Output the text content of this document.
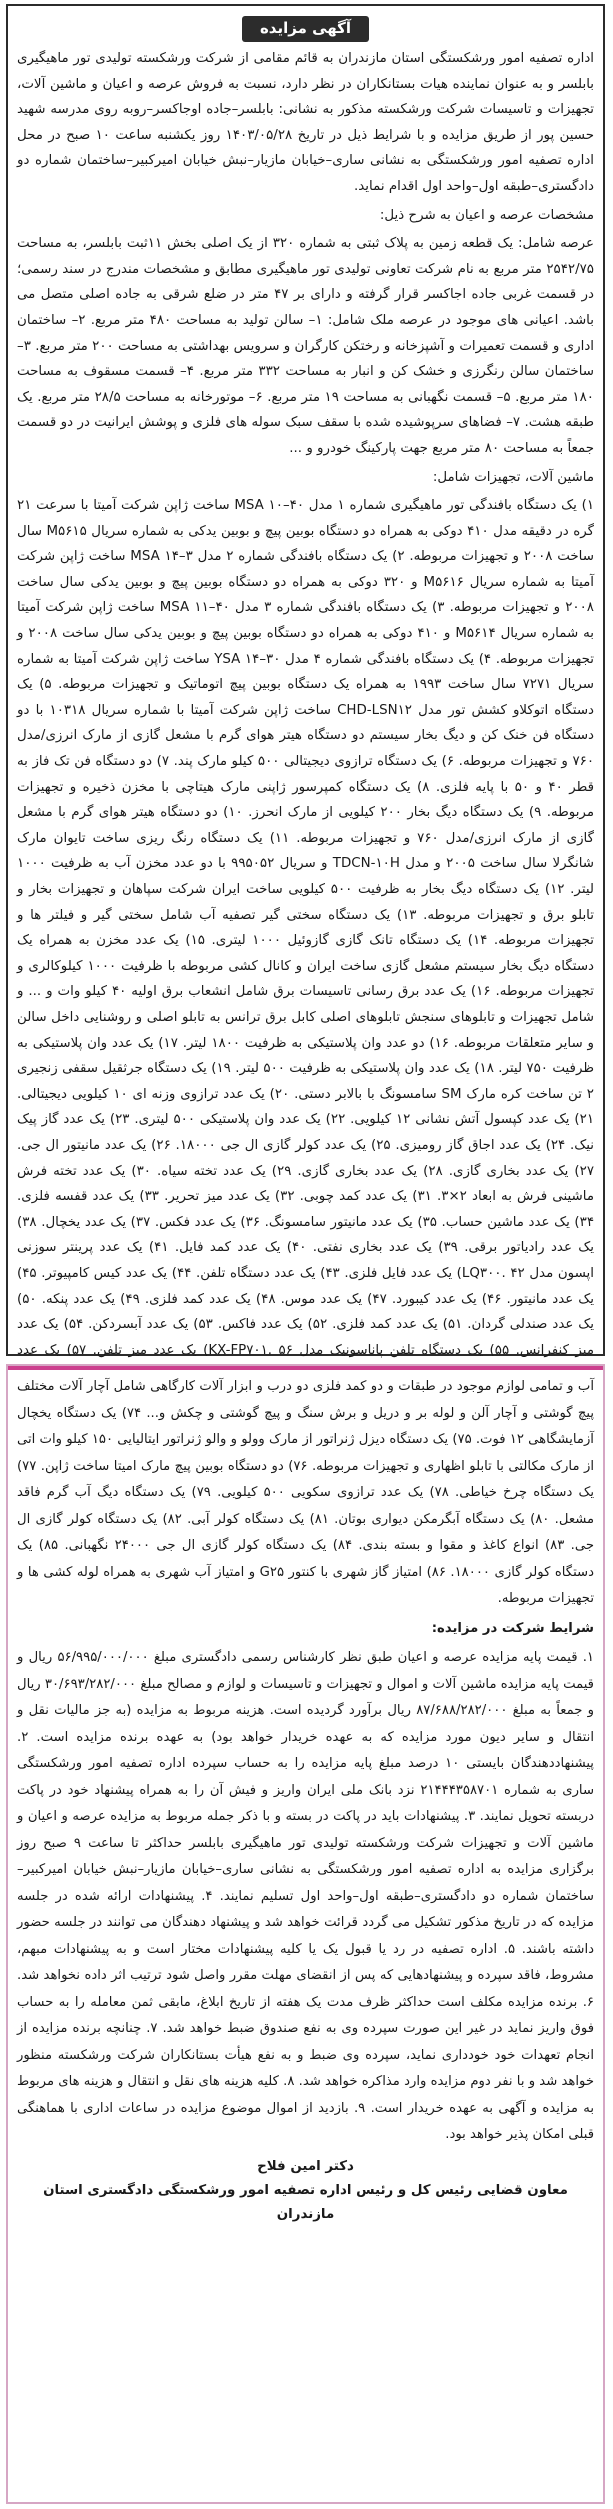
آگهی مزایده

اداره تصفیه امور ورشکستگی استان مازندران به قائم مقامی از شرکت ورشکسته تولیدی تور ماهیگیری بابلسر و به عنوان نماینده هیات بستانکاران در نظر دارد، نسبت به فروش عرصه و اعیان و ماشین آلات، تجهیزات و تاسیسات شرکت ورشکسته مذکور به نشانی: بابلسر–جاده اوجاکسر–روبه روی مدرسه شهید حسین پور از طریق مزایده و با شرایط ذیل در تاریخ ۱۴۰۳/۰۵/۲۸ روز یکشنبه ساعت ۱۰ صبح در محل اداره تصفیه امور ورشکستگی به نشانی ساری–خیابان مازیار–نبش خیابان امیرکبیر–ساختمان شماره دو دادگستری–طبقه اول–واحد اول اقدام نماید.

مشخصات عرصه و اعیان به شرح ذیل:

عرصه شامل: یک قطعه زمین به پلاک ثبتی به شماره ۳۲۰ از یک اصلی بخش ۱۱ثبت بابلسر، به مساحت ۲۵۴۲/۷۵ متر مربع به نام شرکت تعاونی تولیدی تور ماهیگیری مطابق و مشخصات مندرج در سند رسمی؛ در قسمت غربی جاده اجاکسر قرار گرفته و دارای بر ۴۷ متر در ضلع شرقی به جاده اصلی متصل می باشد. اعیانی های موجود در عرصه ملک شامل: ۱– سالن تولید به مساحت ۴۸۰ متر مربع. ۲– ساختمان اداری و قسمت تعمیرات و آشپزخانه و رختکن کارگران و سرویس بهداشتی به مساحت ۲۰۰ متر مربع. ۳– ساختمان سالن رنگرزی و خشک کن و انبار به مساحت ۳۳۲ متر مربع. ۴– قسمت مسقوف به مساحت ۱۸۰ متر مربع. ۵– قسمت نگهبانی به مساحت ۱۹ متر مربع. ۶– موتورخانه به مساحت ۲۸/۵ متر مربع. یک طبقه هشت. ۷– فضاهای سرپوشیده شده با سقف سبک سوله های فلزی و پوشش ایرانیت در دو قسمت جمعاً به مساحت ۸۰ متر مربع جهت پارکینگ خودرو و ...

ماشین آلات، تجهیزات شامل:

۱) یک دستگاه بافندگی تور ماهیگیری شماره ۱ مدل ۴۰–MSA ۱۰ ساخت ژاپن شرکت آمیتا با سرعت ۲۱ گره در دقیقه مدل ۴۱۰ دوکی به همراه دو دستگاه بوبین پیچ و بوبین یدکی به شماره سریال M۵۶۱۵ سال ساخت ۲۰۰۸ و تجهیزات مربوطه. ۲) یک دستگاه بافندگی شماره ۲ مدل ۳–MSA ۱۴ ساخت ژاپن شرکت آمیتا به شماره سریال M۵۶۱۶ و ۳۲۰ دوکی به همراه دو دستگاه بوبین پیچ و بوبین یدکی سال ساخت ۲۰۰۸ و تجهیزات مربوطه. ۳) یک دستگاه بافندگی شماره ۳ مدل ۴۰–MSA ۱۱ ساخت ژاپن شرکت آمیتا به شماره سریال M۵۶۱۴ و ۴۱۰ دوکی به همراه دو دستگاه بوبین پیچ و بوبین یدکی سال ساخت ۲۰۰۸ و تجهیزات مربوطه. ۴) یک دستگاه بافندگی شماره ۴ مدل ۳۰–YSA ۱۴ ساخت ژاپن شرکت آمیتا به شماره سریال ۷۲۷۱ سال ساخت ۱۹۹۳ به همراه یک دستگاه بوبین پیچ اتوماتیک و تجهیزات مربوطه. ۵) یک دستگاه اتوکلاو کشش تور مدل CHD-LSN۱۲ ساخت ژاپن شرکت آمیتا با شماره سریال ۱۰۳۱۸ با دو دستگاه فن خنک کن و دیگ بخار سیستم دو دستگاه هیتر هوای گرم با مشعل گازی از مارک انرزی/مدل ۷۶۰ و تجهیزات مربوطه. ۶) یک دستگاه ترازوی دیجیتالی ۵۰۰ کیلو مارک پند. ۷) دو دستگاه فن تک فاز به قطر ۴۰ و ۵۰ با پایه فلزی. ۸) یک دستگاه کمپرسور ژاپنی مارک هیتاچی با مخزن ذخیره و تجهیزات مربوطه. ۹) یک دستگاه دیگ بخار ۲۰۰ کیلویی از مارک انحرز. ۱۰) دو دستگاه هیتر هوای گرم با مشعل گازی از مارک انرزی/مدل ۷۶۰ و تجهیزات مربوطه. ۱۱) یک دستگاه رنگ ریزی ساخت تایوان مارک شانگرلا سال ساخت ۲۰۰۵ و مدل TDCN-۱۰H و سریال ۹۹۵۰۵۲ با دو عدد مخزن آب به ظرفیت ۱۰۰۰ لیتر. ۱۲) یک دستگاه دیگ بخار به ظرفیت ۵۰۰ کیلویی ساخت ایران شرکت سپاهان و تجهیزات بخار و تابلو برق و تجهیزات مربوطه. ۱۳) یک دستگاه سختی گیر تصفیه آب شامل سختی گیر و فیلتر ها و تجهیزات مربوطه. ۱۴) یک دستگاه تانک گازی گازوئیل ۱۰۰۰ لیتری. ۱۵) یک عدد مخزن به همراه یک دستگاه دیگ بخار سیستم مشعل گازی ساخت ایران و کانال کشی مربوطه با ظرفیت ۱۰۰۰ کیلوکالری و تجهیزات مربوطه. ۱۶) یک عدد برق رسانی تاسیسات برق شامل انشعاب برق اولیه ۴۰ کیلو وات و ... و شامل تجهیزات و تابلوهای سنجش تابلوهای اصلی کابل برق ترانس به تابلو اصلی و روشنایی داخل سالن و سایر متعلقات مربوطه. ۱۶) دو عدد وان پلاستیکی به ظرفیت ۱۸۰۰ لیتر. ۱۷) یک عدد وان پلاستیکی به ظرفیت ۷۵۰ لیتر. ۱۸) یک عدد وان پلاستیکی به ظرفیت ۵۰۰ لیتر. ۱۹) یک دستگاه جرثقیل سقفی زنجیری ۲ تن ساخت کره مارک SM سامسونگ با بالابر دستی. ۲۰) یک عدد ترازوی وزنه ای ۱۰ کیلویی دیجیتالی. ۲۱) یک عدد کپسول آتش نشانی ۱۲ کیلویی. ۲۲) یک عدد وان پلاستیکی ۵۰۰ لیتری. ۲۳) یک عدد گاز پیک نیک. ۲۴) یک عدد اجاق گاز رومیزی. ۲۵) یک عدد کولر گازی ال جی ۱۸۰۰۰. ۲۶) یک عدد مانیتور ال جی. ۲۷) یک عدد بخاری گازی. ۲۸) یک عدد بخاری گازی. ۲۹) یک عدد تخته سیاه. ۳۰) یک عدد تخته فرش ماشینی فرش به ابعاد ۲×۳. ۳۱) یک عدد کمد چوبی. ۳۲) یک عدد میز تحریر. ۳۳) یک عدد قفسه فلزی. ۳۴) یک عدد ماشین حساب. ۳۵) یک عدد مانیتور سامسونگ. ۳۶) یک عدد فکس. ۳۷) یک عدد یخچال. ۳۸) یک عدد رادیاتور برقی. ۳۹) یک عدد بخاری نفتی. ۴۰) یک عدد کمد فایل. ۴۱) یک عدد پرینتر سوزنی اپسون مدل LQ۳۰۰. ۴۲) یک عدد فایل فلزی. ۴۳) یک عدد دستگاه تلفن. ۴۴) یک عدد کیس کامپیوتر. ۴۵) یک عدد مانیتور. ۴۶) یک عدد کیبورد. ۴۷) یک عدد موس. ۴۸) یک عدد کمد فلزی. ۴۹) یک عدد پنکه. ۵۰) یک عدد صندلی گردان. ۵۱) یک عدد کمد فلزی. ۵۲) یک عدد فاکس. ۵۳) یک عدد آبسردکن. ۵۴) یک عدد میز کنفرانس. ۵۵) یک دستگاه تلفن پاناسونیک مدل KX-FP۷۰۱. ۵۶) یک عدد میز تلفن. ۵۷) یک عدد

آب و تمامی لوازم موجود در طبقات و دو کمد فلزی دو درب و ابزار آلات کارگاهی شامل آچار آلات مختلف پیچ گوشتی و آچار آلن و لوله بر و دریل و برش سنگ و پیچ گوشتی و چکش و... ۷۴) یک دستگاه یخچال آزمایشگاهی ۱۲ فوت. ۷۵) یک دستگاه دیزل ژنراتور از مارک وولو و والو ژنراتور ایتالیایی ۱۵۰ کیلو وات اتی از مارک مکالتی با تابلو اظهاری و تجهیزات مربوطه. ۷۶) دو دستگاه بوبین پیچ مارک امیتا ساخت ژاپن. ۷۷) یک دستگاه چرخ خیاطی. ۷۸) یک عدد ترازوی سکویی ۵۰۰ کیلویی. ۷۹) یک دستگاه دیگ آب گرم فاقد مشعل. ۸۰) یک دستگاه آبگرمکن دیواری بوتان. ۸۱) یک دستگاه کولر آبی. ۸۲) یک دستگاه کولر گازی ال جی. ۸۳) انواع کاغذ و مقوا و بسته بندی. ۸۴) یک دستگاه کولر گازی ال جی ۲۴۰۰۰ نگهبانی. ۸۵) یک دستگاه کولر گازی ۱۸۰۰۰. ۸۶) امتیاز گاز شهری با کنتور G۲۵ و امتیاز آب شهری به همراه لوله کشی ها و تجهیزات مربوطه.

شرایط شرکت در مزایده:

۱. قیمت پایه مزایده عرصه و اعیان طبق نظر کارشناس رسمی دادگستری مبلغ ۵۶/۹۹۵/۰۰۰/۰۰۰ ریال و قیمت پایه مزایده ماشین آلات و اموال و تجهیزات و تاسیسات و لوازم و مصالح مبلغ ۳۰/۶۹۳/۲۸۲/۰۰۰ ریال و جمعاً به مبلغ ۸۷/۶۸۸/۲۸۲/۰۰۰ ریال برآورد گردیده است. هزینه مربوط به مزایده (به جز مالیات نقل و انتقال و سایر دیون مورد مزایده که به عهده خریدار خواهد بود) به عهده برنده مزایده است. ۲. پیشنهاددهندگان بایستی ۱۰ درصد مبلغ پایه مزایده را به حساب سپرده اداره تصفیه امور ورشکستگی ساری به شماره ۲۱۴۴۴۳۵۸۷۰۱ نزد بانک ملی ایران واریز و فیش آن را به همراه پیشنهاد خود در پاکت دربسته تحویل نمایند. ۳. پیشنهادات باید در پاکت در بسته و با ذکر جمله مربوط به مزایده عرصه و اعیان و ماشین آلات و تجهیزات شرکت ورشکسته تولیدی تور ماهیگیری بابلسر حداکثر تا ساعت ۹ صبح روز برگزاری مزایده به اداره تصفیه امور ورشکستگی به نشانی ساری–خیابان مازیار–نبش خیابان امیرکبیر–ساختمان شماره دو دادگستری–طبقه اول–واحد اول تسلیم نمایند. ۴. پیشنهادات ارائه شده در جلسه مزایده که در تاریخ مذکور تشکیل می گردد قرائت خواهد شد و پیشنهاد دهندگان می توانند در جلسه حضور داشته باشند. ۵. اداره تصفیه در رد یا قبول یک یا کلیه پیشنهادات مختار است و به پیشنهادات مبهم، مشروط، فاقد سپرده و پیشنهادهایی که پس از انقضای مهلت مقرر واصل شود ترتیب اثر داده نخواهد شد. ۶. برنده مزایده مکلف است حداکثر ظرف مدت یک هفته از تاریخ ابلاغ، مابقی ثمن معامله را به حساب فوق واریز نماید در غیر این صورت سپرده وی به نفع صندوق ضبط خواهد شد. ۷. چنانچه برنده مزایده از انجام تعهدات خود خودداری نماید، سپرده وی ضبط و به نفع هیأت بستانکاران شرکت ورشکسته منظور خواهد شد و با نفر دوم مزایده وارد مذاکره خواهد شد. ۸. کلیه هزینه های نقل و انتقال و هزینه های مربوط به مزایده و آگهی به عهده خریدار است. ۹. بازدید از اموال موضوع مزایده در ساعات اداری با هماهنگی قبلی امکان پذیر خواهد بود.

دکتر امین فلاح
معاون قضایی رئیس کل و رئیس اداره تصفیه امور ورشکستگی دادگستری استان مازندران
